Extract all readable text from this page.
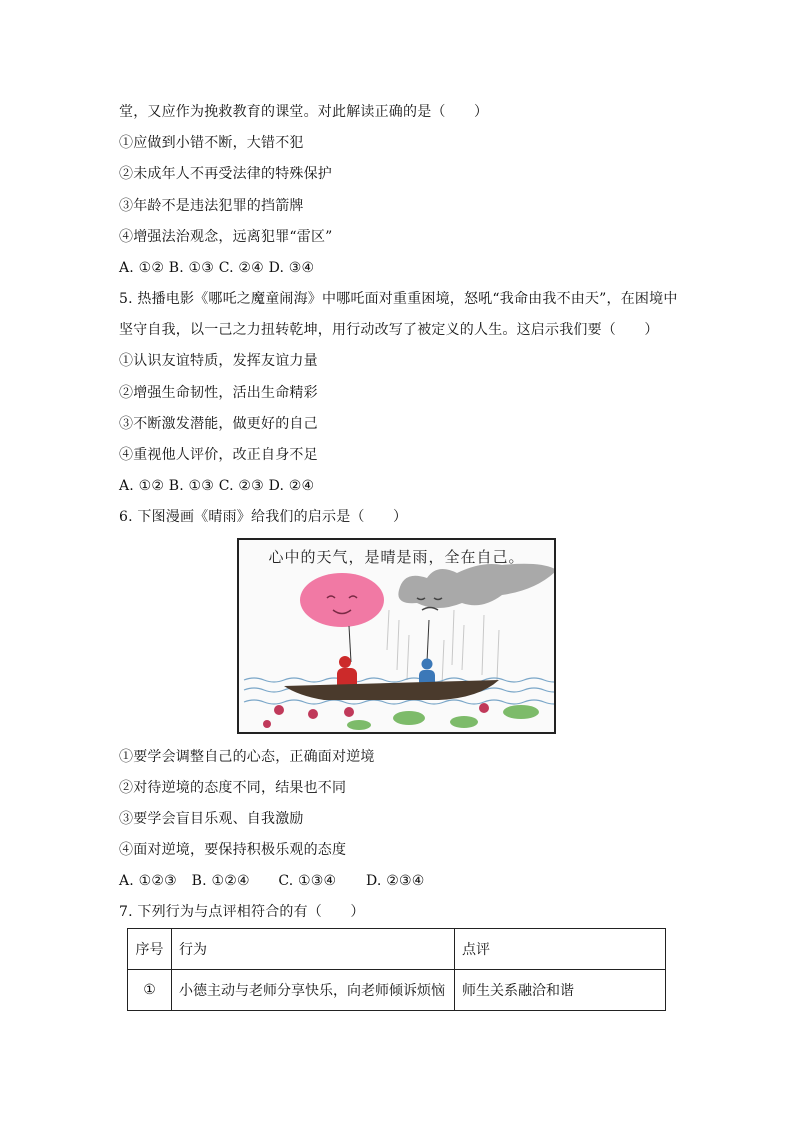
堂，又应作为挽救教育的课堂。对此解读正确的是（　　）
①应做到小错不断，大错不犯
②未成年人不再受法律的特殊保护
③年龄不是违法犯罪的挡箭牌
④增强法治观念，远离犯罪“雷区”
A. ①② B. ①③ C. ②④ D. ③④
5. 热播电影《哪吒之魔童闹海》中哪吒面对重重困境，怒吼“我命由我不由天”，在困境中
坚守自我，以一己之力扭转乾坤，用行动改写了被定义的人生。这启示我们要（　　）
①认识友谊特质，发挥友谊力量
②增强生命韧性，活出生命精彩
③不断激发潜能，做更好的自己
④重视他人评价，改正自身不足
A. ①② B. ①③ C. ②③ D. ②④
6. 下图漫画《晴雨》给我们的启示是（　　）
心中的天气，是晴是雨，全在自己。
①要学会调整自己的心态，正确面对逆境
②对待逆境的态度不同，结果也不同
③要学会盲目乐观、自我激励
④面对逆境，要保持积极乐观的态度
A. ①②③ B. ①②④ C. ①③④ D. ②③④
7. 下列行为与点评相符合的有（　　）
序号	行为	点评
①	小德主动与老师分享快乐，向老师倾诉烦恼	师生关系融洽和谐
